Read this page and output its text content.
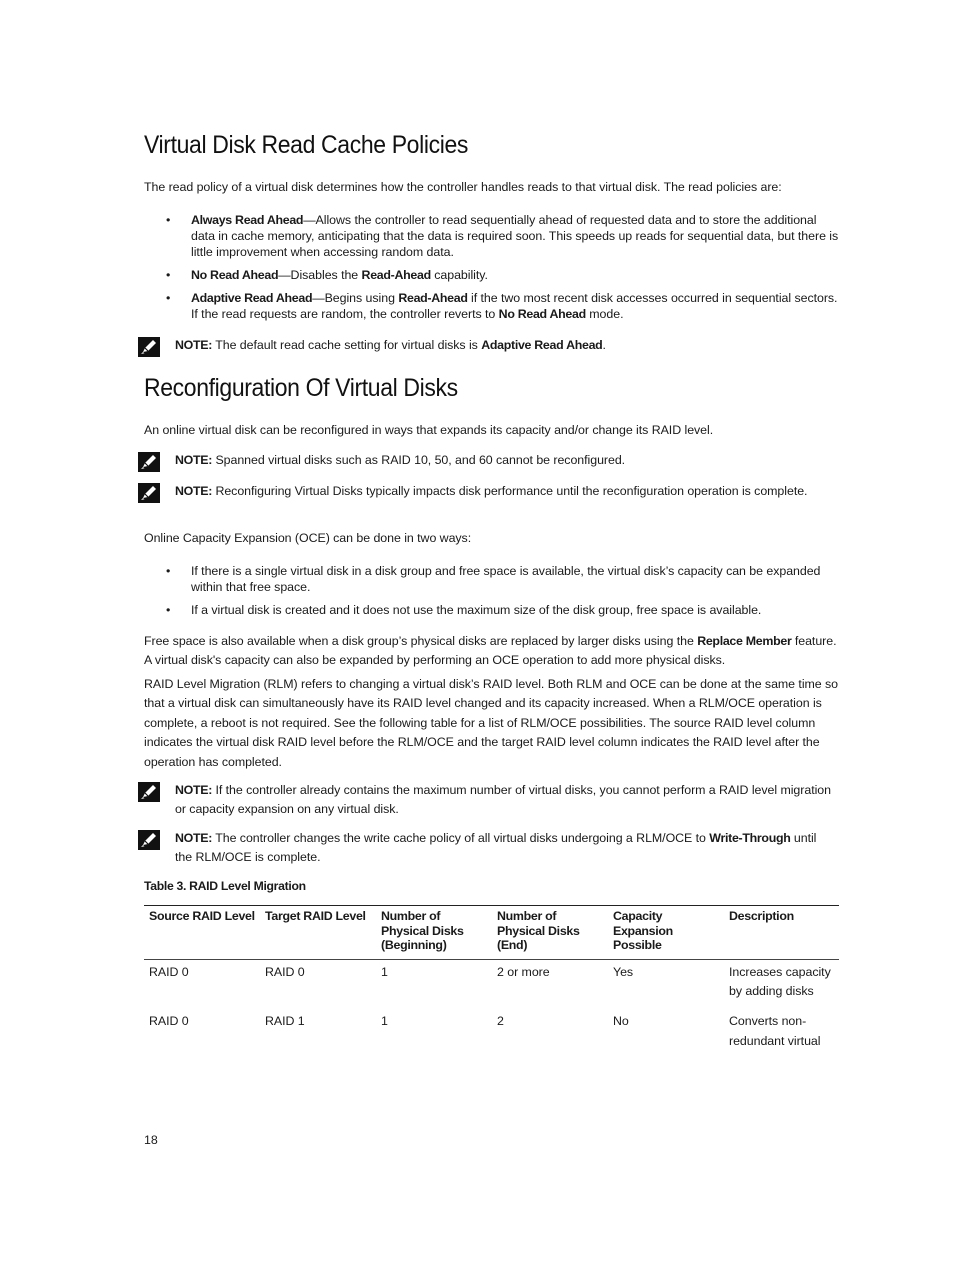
Virtual Disk Read Cache Policies

The read policy of a virtual disk determines how the controller handles reads to that virtual disk. The read policies are:

• Always Read Ahead—Allows the controller to read sequentially ahead of requested data and to store the additional data in cache memory, anticipating that the data is required soon. This speeds up reads for sequential data, but there is little improvement when accessing random data.
• No Read Ahead—Disables the Read-Ahead capability.
• Adaptive Read Ahead—Begins using Read-Ahead if the two most recent disk accesses occurred in sequential sectors. If the read requests are random, the controller reverts to No Read Ahead mode.
NOTE: The default read cache setting for virtual disks is Adaptive Read Ahead.
Reconfiguration Of Virtual Disks

An online virtual disk can be reconfigured in ways that expands its capacity and/or change its RAID level.

NOTE: Spanned virtual disks such as RAID 10, 50, and 60 cannot be reconfigured.
NOTE: Reconfiguring Virtual Disks typically impacts disk performance until the reconfiguration operation is complete.

Online Capacity Expansion (OCE) can be done in two ways:

• If there is a single virtual disk in a disk group and free space is available, the virtual disk’s capacity can be expanded within that free space.
• If a virtual disk is created and it does not use the maximum size of the disk group, free space is available.

Free space is also available when a disk group’s physical disks are replaced by larger disks using the Replace Member feature. A virtual disk's capacity can also be expanded by performing an OCE operation to add more physical disks.

RAID Level Migration (RLM) refers to changing a virtual disk’s RAID level. Both RLM and OCE can be done at the same time so that a virtual disk can simultaneously have its RAID level changed and its capacity increased. When a RLM/OCE operation is complete, a reboot is not required. See the following table for a list of RLM/OCE possibilities. The source RAID level column indicates the virtual disk RAID level before the RLM/OCE and the target RAID level column indicates the RAID level after the operation has completed.

NOTE: If the controller already contains the maximum number of virtual disks, you cannot perform a RAID level migration or capacity expansion on any virtual disk.
NOTE: The controller changes the write cache policy of all virtual disks undergoing a RLM/OCE to Write-Through until the RLM/OCE is complete.
Table 3. RAID Level Migration
Source RAID Level	Target RAID Level	Number of Physical Disks (Beginning)	Number of Physical Disks (End)	Capacity Expansion Possible	Description
RAID 0	RAID 0	1	2 or more	Yes	Increases capacity by adding disks
RAID 0	RAID 1	1	2	No	Converts non-redundant virtual
18
